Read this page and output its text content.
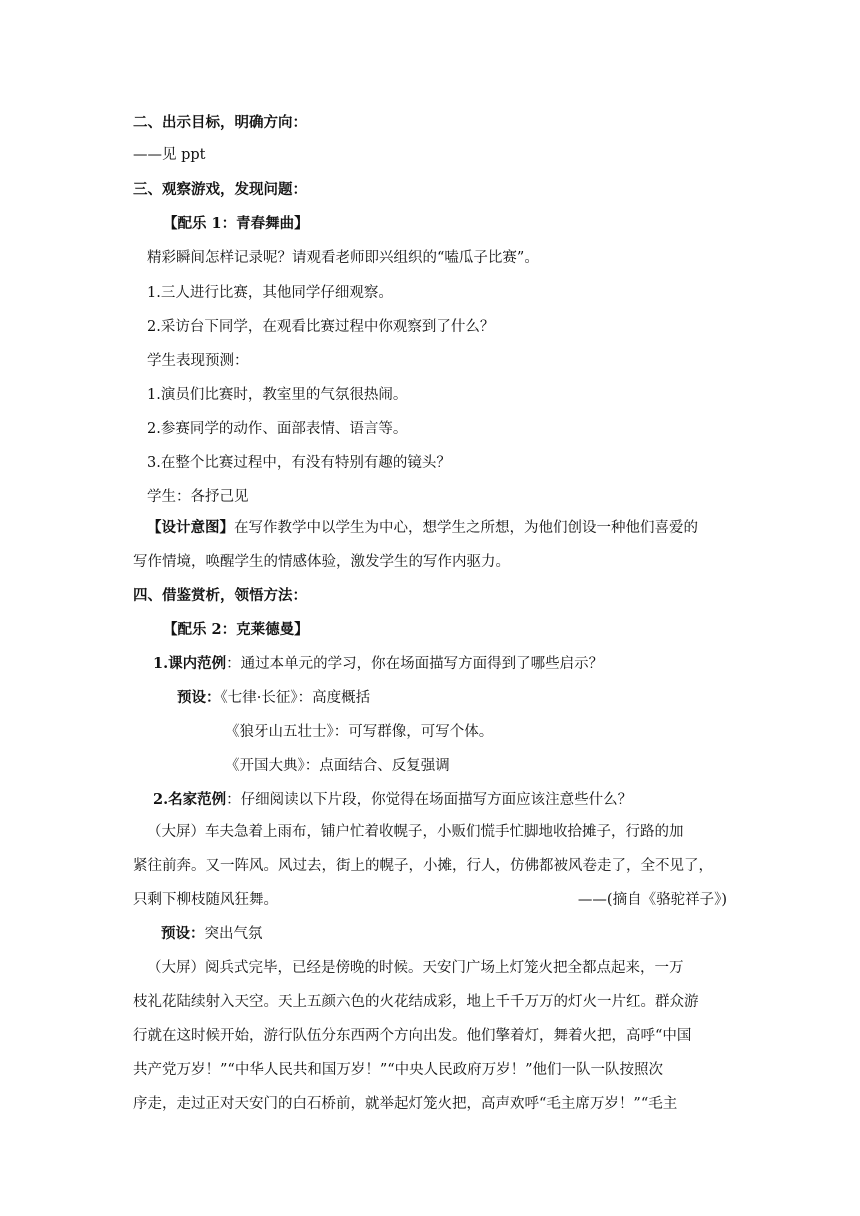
二、出示目标，明确方向：
——见 ppt
三、观察游戏，发现问题：
【配乐 1：青春舞曲】
精彩瞬间怎样记录呢？请观看老师即兴组织的“嗑瓜子比赛”。
1.三人进行比赛，其他同学仔细观察。
2.采访台下同学，在观看比赛过程中你观察到了什么？
学生表现预测：
1.演员们比赛时，教室里的气氛很热闹。
2.参赛同学的动作、面部表情、语言等。
3.在整个比赛过程中，有没有特别有趣的镜头？
学生：各抒己见
【设计意图】在写作教学中以学生为中心，想学生之所想，为他们创设一种他们喜爱的
写作情境，唤醒学生的情感体验，激发学生的写作内驱力。
四、借鉴赏析，领悟方法：
【配乐 2：克莱德曼】
1.课内范例：通过本单元的学习，你在场面描写方面得到了哪些启示？
预设：《七律·长征》：高度概括
《狼牙山五壮士》：可写群像，可写个体。
《开国大典》：点面结合、反复强调
2.名家范例：仔细阅读以下片段，你觉得在场面描写方面应该注意些什么？
（大屏）车夫急着上雨布，铺户忙着收幌子，小贩们慌手忙脚地收拾摊子，行路的加
紧往前奔。又一阵风。风过去，街上的幌子，小摊，行人，仿佛都被风卷走了，全不见了，
只剩下柳枝随风狂舞。	——(摘自《骆驼祥子》)
预设：突出气氛
（大屏）阅兵式完毕，已经是傍晚的时候。天安门广场上灯笼火把全都点起来，一万
枝礼花陆续射入天空。天上五颜六色的火花结成彩，地上千千万万的灯火一片红。群众游
行就在这时候开始，游行队伍分东西两个方向出发。他们擎着灯，舞着火把，高呼“中国
共产党万岁！”“中华人民共和国万岁！”“中央人民政府万岁！”他们一队一队按照次
序走，走过正对天安门的白石桥前，就举起灯笼火把，高声欢呼“毛主席万岁！”“毛主
